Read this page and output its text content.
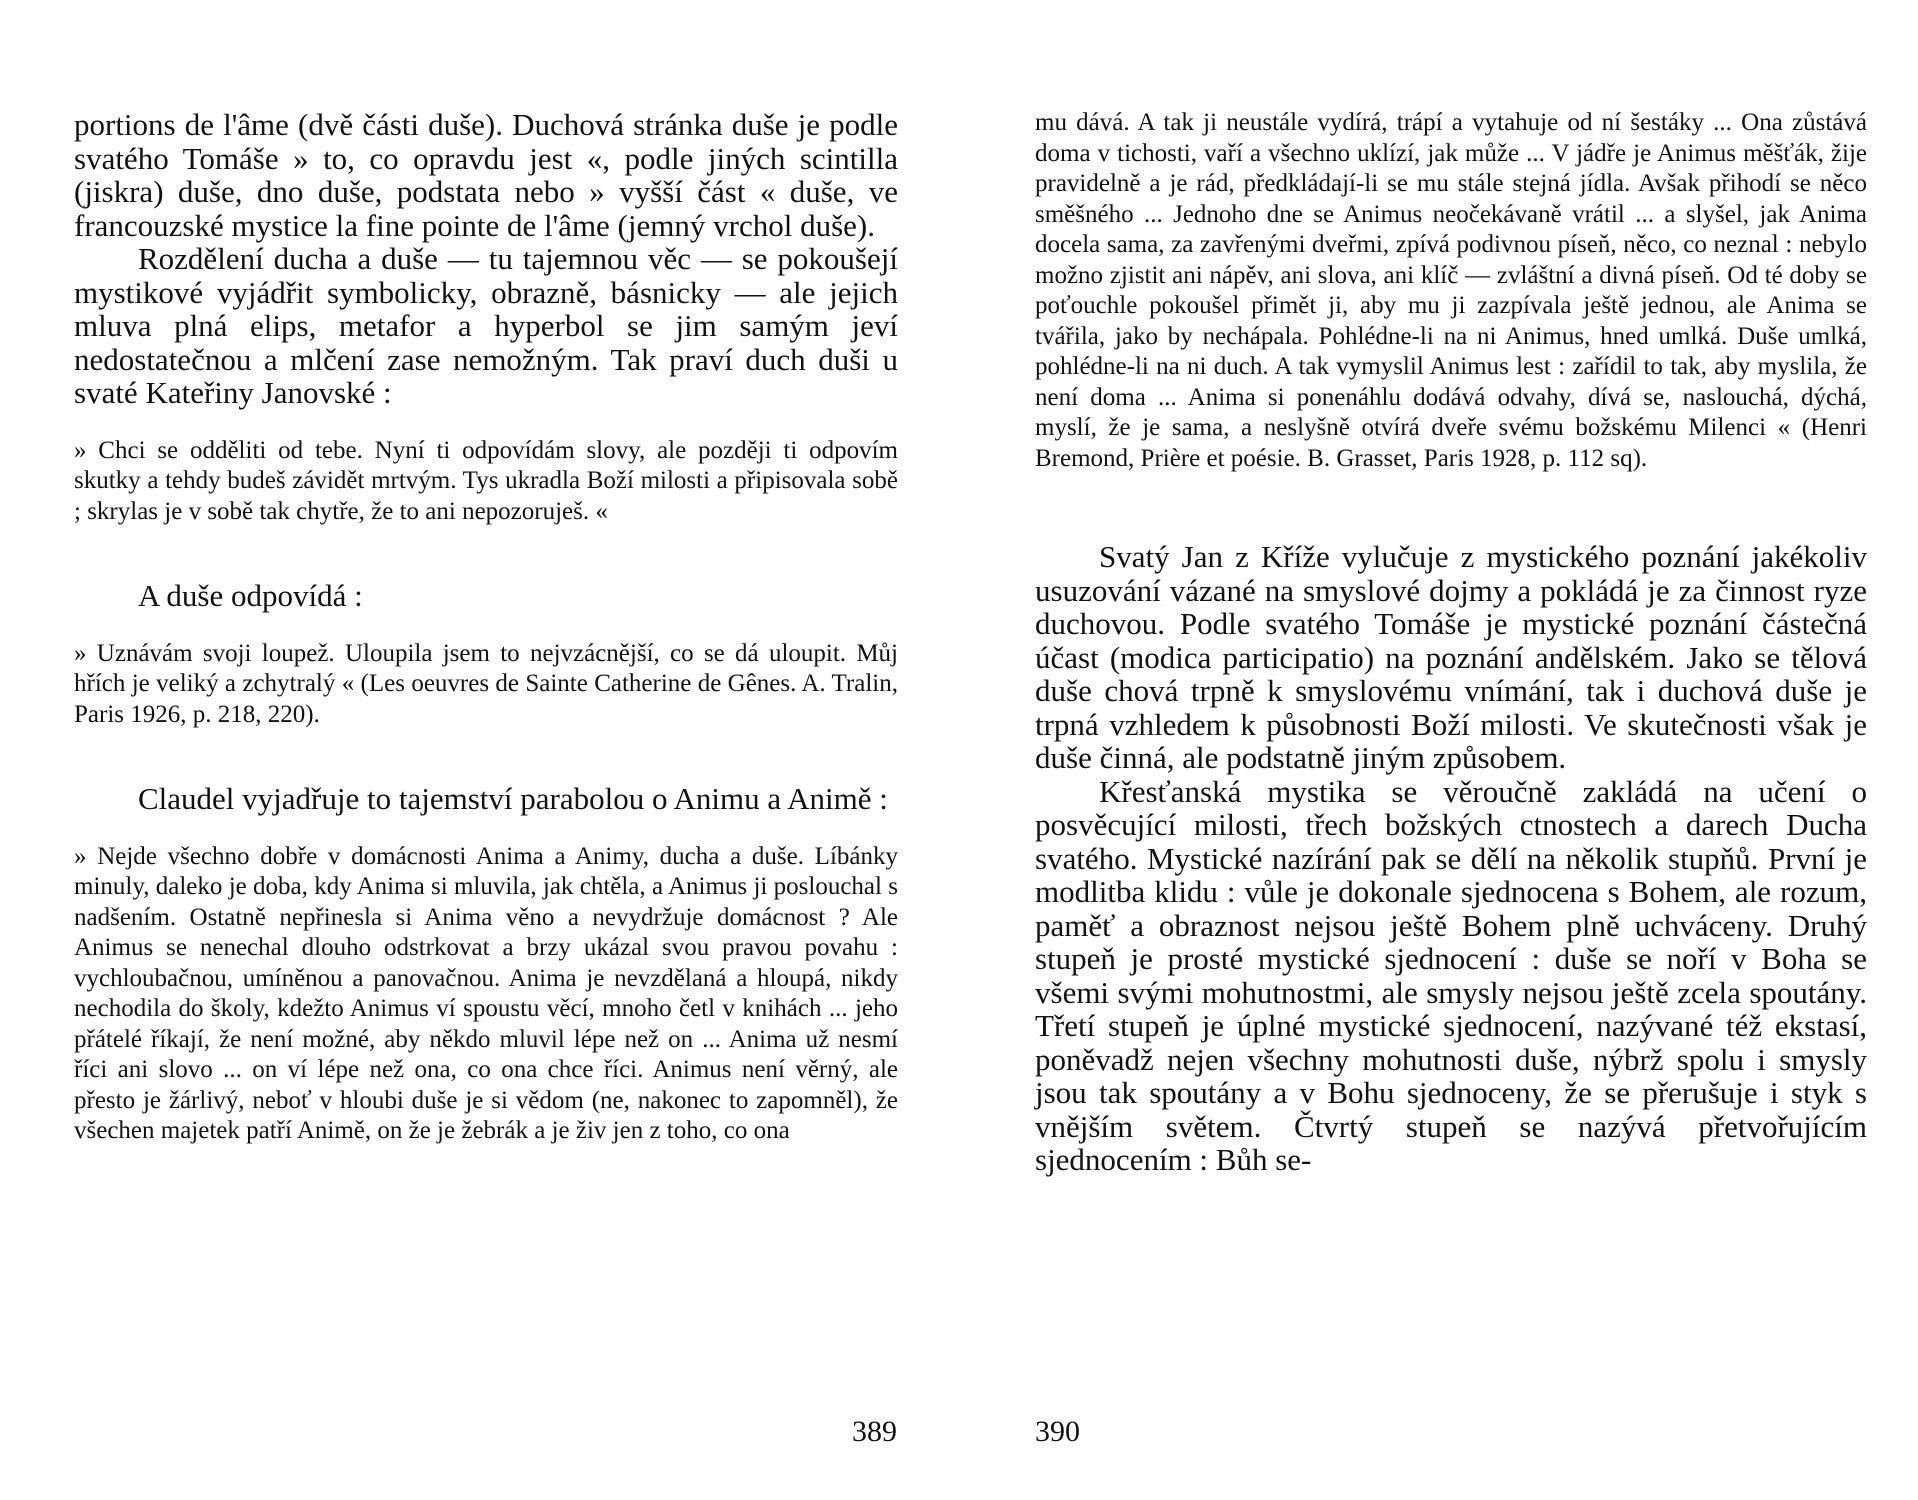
portions de l'âme (dvě části duše). Duchová stránka duše je podle svatého Tomáše » to, co opravdu jest «, podle jiných scintilla (jiskra) duše, dno duše, podstata nebo » vyšší část « duše, ve francouzské mystice la fine pointe de l'âme (jemný vrchol duše).

Rozdělení ducha a duše — tu tajemnou věc — se pokoušejí mystikové vyjádřit symbolicky, obrazně, básnicky — ale jejich mluva plná elips, metafor a hyperbol se jim samým jeví nedostatečnou a mlčení zase nemožným. Tak praví duch duši u svaté Kateřiny Janovské :

» Chci se odděliti od tebe. Nyní ti odpovídám slovy, ale později ti odpovím skutky a tehdy budeš závidět mrtvým. Tys ukradla Boží milosti a připisovala sobě ; skrylas je v sobě tak chytře, že to ani nepozoruješ. «

A duše odpovídá :

» Uznávám svoji loupež. Uloupila jsem to nejvzácnější, co se dá uloupit. Můj hřích je veliký a zchytralý « (Les oeuvres de Sainte Catherine de Gênes. A. Tralin, Paris 1926, p. 218, 220).

Claudel vyjadřuje to tajemství parabolou o Animu a Animě :

» Nejde všechno dobře v domácnosti Anima a Animy, ducha a duše. Líbánky minuly, daleko je doba, kdy Anima si mluvila, jak chtěla, a Animus ji poslouchal s nadšením. Ostatně nepřinesla si Anima věno a nevydržuje domácnost ? Ale Animus se nenechal dlouho odstrkovat a brzy ukázal svou pravou povahu : vychloubačnou, umíněnou a panovačnou. Anima je nevzdělaná a hloupá, nikdy nechodila do školy, kdežto Animus ví spoustu věcí, mnoho četl v knihách ... jeho přátelé říkají, že není možné, aby někdo mluvil lépe než on ... Anima už nesmí říci ani slovo ... on ví lépe než ona, co ona chce říci. Animus není věrný, ale přesto je žárlivý, neboť v hloubi duše je si vědom (ne, nakonec to zapomněl), že všechen majetek patří Animě, on že je žebrák a je živ jen z toho, co ona

389

mu dává. A tak ji neustále vydírá, trápí a vytahuje od ní šestáky ... Ona zůstává doma v tichosti, vaří a všechno uklízí, jak může ... V jádře je Animus měšťák, žije pravidelně a je rád, předkládají-li se mu stále stejná jídla. Avšak přihodí se něco směšného ... Jednoho dne se Animus neočekávaně vrátil ... a slyšel, jak Anima docela sama, za zavřenými dveřmi, zpívá podivnou píseň, něco, co neznal : nebylo možno zjistit ani nápěv, ani slova, ani klíč — zvláštní a divná píseň. Od té doby se poťouchle pokoušel přimět ji, aby mu ji zazpívala ještě jednou, ale Anima se tvářila, jako by nechápala. Pohlédne-li na ni Animus, hned umlká. Duše umlká, pohlédne-li na ni duch. A tak vymyslil Animus lest : zařídil to tak, aby myslila, že není doma ... Anima si ponenáhlu dodává odvahy, dívá se, naslouchá, dýchá, myslí, že je sama, a neslyšně otvírá dveře svému božskému Milenci « (Henri Bremond, Prière et poésie. B. Grasset, Paris 1928, p. 112 sq).

Svatý Jan z Kříže vylučuje z mystického poznání jakékoliv usuzování vázané na smyslové dojmy a pokládá je za činnost ryze duchovou. Podle svatého Tomáše je mystické poznání částečná účast (modica participatio) na poznání andělském. Jako se tělová duše chová trpně k smyslovému vnímání, tak i duchová duše je trpná vzhledem k působnosti Boží milosti. Ve skutečnosti však je duše činná, ale podstatně jiným způsobem.

Křesťanská mystika se věroučně zakládá na učení o posvěcující milosti, třech božských ctnostech a darech Ducha svatého. Mystické nazírání pak se dělí na několik stupňů. První je modlitba klidu : vůle je dokonale sjednocena s Bohem, ale rozum, paměť a obraznost nejsou ještě Bohem plně uchváceny. Druhý stupeň je prosté mystické sjednocení : duše se noří v Boha se všemi svými mohutnostmi, ale smysly nejsou ještě zcela spoutány. Třetí stupeň je úplné mystické sjednocení, nazývané též ekstasí, poněvadž nejen všechny mohutnosti duše, nýbrž spolu i smysly jsou tak spoutány a v Bohu sjednoceny, že se přerušuje i styk s vnějším světem. Čtvrtý stupeň se nazývá přetvořujícím sjednocením : Bůh se-

390
